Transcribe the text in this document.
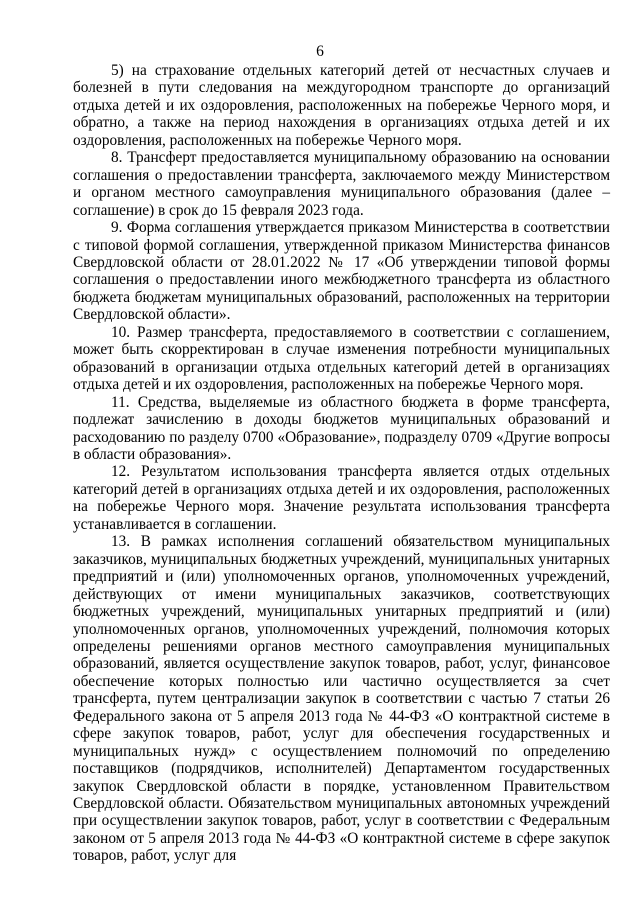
6

5) на страхование отдельных категорий детей от несчастных случаев и болезней в пути следования на междугородном транспорте до организаций отдыха детей и их оздоровления, расположенных на побережье Черного моря, и обратно, а также на период нахождения в организациях отдыха детей и их оздоровления, расположенных на побережье Черного моря.

8. Трансферт предоставляется муниципальному образованию на основании соглашения о предоставлении трансферта, заключаемого между Министерством и органом местного самоуправления муниципального образования (далее – соглашение) в срок до 15 февраля 2023 года.

9. Форма соглашения утверждается приказом Министерства в соответствии с типовой формой соглашения, утвержденной приказом Министерства финансов Свердловской области от 28.01.2022 № 17 «Об утверждении типовой формы соглашения о предоставлении иного межбюджетного трансферта из областного бюджета бюджетам муниципальных образований, расположенных на территории Свердловской области».

10. Размер трансферта, предоставляемого в соответствии с соглашением, может быть скорректирован в случае изменения потребности муниципальных образований в организации отдыха отдельных категорий детей в организациях отдыха детей и их оздоровления, расположенных на побережье Черного моря.

11. Средства, выделяемые из областного бюджета в форме трансферта, подлежат зачислению в доходы бюджетов муниципальных образований и расходованию по разделу 0700 «Образование», подразделу 0709 «Другие вопросы в области образования».

12. Результатом использования трансферта является отдых отдельных категорий детей в организациях отдыха детей и их оздоровления, расположенных на побережье Черного моря. Значение результата использования трансферта устанавливается в соглашении.

13. В рамках исполнения соглашений обязательством муниципальных заказчиков, муниципальных бюджетных учреждений, муниципальных унитарных предприятий и (или) уполномоченных органов, уполномоченных учреждений, действующих от имени муниципальных заказчиков, соответствующих бюджетных учреждений, муниципальных унитарных предприятий и (или) уполномоченных органов, уполномоченных учреждений, полномочия которых определены решениями органов местного самоуправления муниципальных образований, является осуществление закупок товаров, работ, услуг, финансовое обеспечение которых полностью или частично осуществляется за счет трансферта, путем централизации закупок в соответствии с частью 7 статьи 26 Федерального закона от 5 апреля 2013 года № 44-ФЗ «О контрактной системе в сфере закупок товаров, работ, услуг для обеспечения государственных и муниципальных нужд» с осуществлением полномочий по определению поставщиков (подрядчиков, исполнителей) Департаментом государственных закупок Свердловской области в порядке, установленном Правительством Свердловской области. Обязательством муниципальных автономных учреждений при осуществлении закупок товаров, работ, услуг в соответствии с Федеральным законом от 5 апреля 2013 года № 44-ФЗ «О контрактной системе в сфере закупок товаров, работ, услуг для
